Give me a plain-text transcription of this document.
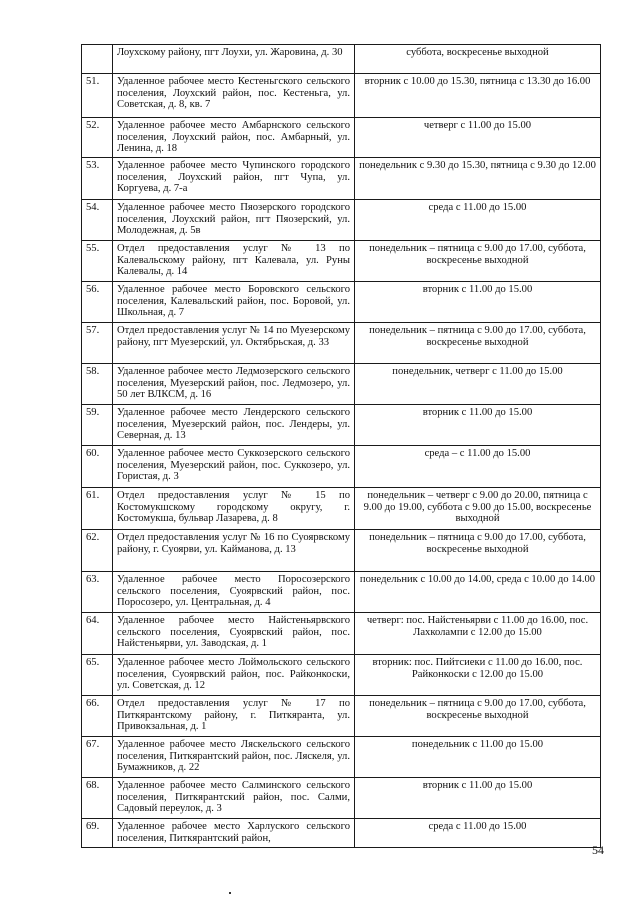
	Лоухскому району, пгт Лоухи, ул. Жаровина, д. 30	суббота, воскресенье выходной
51.	Удаленное рабочее место Кестеньгского сельского поселения, Лоухский район, пос. Кестеньга, ул. Советская, д. 8, кв. 7	вторник с 10.00 до 15.30, пятница с 13.30 до 16.00
52.	Удаленное рабочее место Амбарнского сельского поселения, Лоухский район, пос. Амбарный, ул. Ленина, д. 18	четверг с 11.00 до 15.00
53.	Удаленное рабочее место Чупинского городского поселения, Лоухский район, пгт Чупа, ул. Коргуева, д. 7-а	понедельник с 9.30 до 15.30, пятница с 9.30 до 12.00
54.	Удаленное рабочее место Пяозерского городского поселения, Лоухский район, пгт Пяозерский, ул. Молодежная, д. 5в	среда с 11.00 до 15.00
55.	Отдел предоставления услуг № 13 по Калевальскому району, пгт Калевала, ул. Руны Калевалы, д. 14	понедельник – пятница с 9.00 до 17.00, суббота, воскресенье выходной
56.	Удаленное рабочее место Боровского сельского поселения, Калевальский район, пос. Боровой, ул. Школьная, д. 7	вторник с 11.00 до 15.00
57.	Отдел предоставления услуг № 14 по Муезерскому району, пгт Муезерский, ул. Октябрьская, д. 33	понедельник – пятница с 9.00 до 17.00, суббота, воскресенье выходной
58.	Удаленное рабочее место Ледмозерского сельского поселения, Муезерский район, пос. Ледмозеро, ул. 50 лет ВЛКСМ, д. 16	понедельник, четверг с 11.00 до 15.00
59.	Удаленное рабочее место Лендерского сельского поселения, Муезерский район, пос. Лендеры, ул. Северная, д. 13	вторник с 11.00 до 15.00
60.	Удаленное рабочее место Суккозерского сельского поселения, Муезерский район, пос. Суккозеро, ул. Гористая, д. 3	среда – с 11.00 до 15.00
61.	Отдел предоставления услуг № 15 по Костомукшскому городскому округу, г. Костомукша, бульвар Лазарева, д. 8	понедельник – четверг с 9.00 до 20.00, пятница с 9.00 до 19.00, суббота с 9.00 до 15.00, воскресенье выходной
62.	Отдел предоставления услуг № 16 по Суоярвскому району, г. Суоярви, ул. Кайманова, д. 13	понедельник – пятница с 9.00 до 17.00, суббота, воскресенье выходной
63.	Удаленное рабочее место Поросозерского сельского поселения, Суоярвский район, пос. Поросозеро, ул. Центральная, д. 4	понедельник с 10.00 до 14.00, среда с 10.00 до 14.00
64.	Удаленное рабочее место Найстеньярвского сельского поселения, Суоярвский район, пос. Найстеньярви, ул. Заводская, д. 1	четверг: пос. Найстеньярви с 11.00 до 16.00, пос. Лахколампи с 12.00 до 15.00
65.	Удаленное рабочее место Лоймольского сельского поселения, Суоярвский район, пос. Райконкоски, ул. Советская, д. 12	вторник: пос. Пийтсиеки с 11.00 до 16.00, пос. Райконкоски с 12.00 до 15.00
66.	Отдел предоставления услуг № 17 по Питкярантскому району, г. Питкяранта, ул. Привокзальная, д. 1	понедельник – пятница с 9.00 до 17.00, суббота, воскресенье выходной
67.	Удаленное рабочее место Ляскельского сельского поселения, Питкярантский район, пос. Ляскеля, ул. Бумажников, д. 22	понедельник с 11.00 до 15.00
68.	Удаленное рабочее место Салминского сельского поселения, Питкярантский район, пос. Салми, Садовый переулок, д. 3	вторник с 11.00 до 15.00
69.	Удаленное рабочее место Харлуского сельского поселения, Питкярантский район,	среда с 11.00 до 15.00
54
